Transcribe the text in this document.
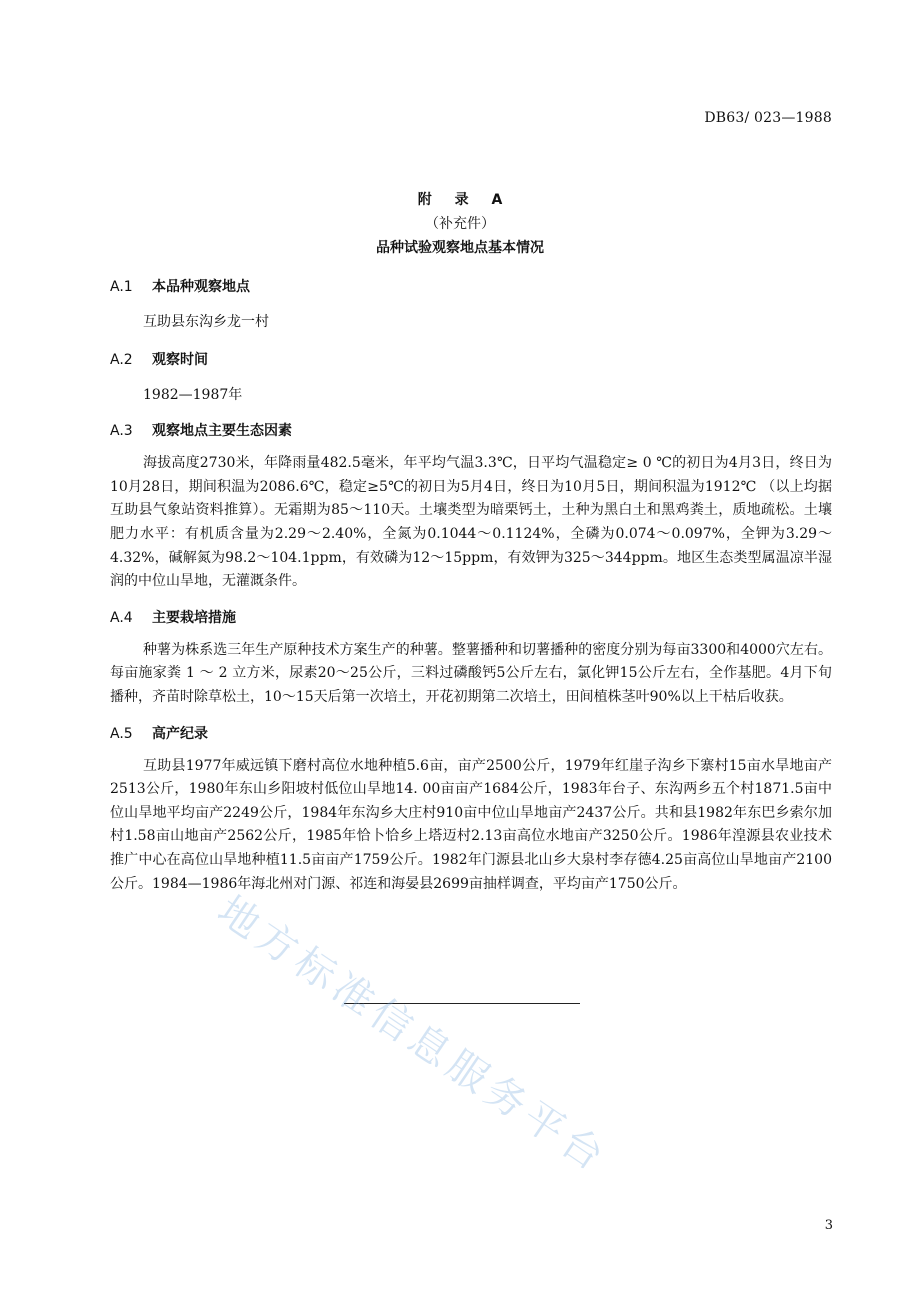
DB63/ 023—1988
附 录 A
（补充件）
品种试验观察地点基本情况
A.1 本品种观察地点

互助县东沟乡龙一村

A.2 观察时间

1982—1987年

A.3 观察地点主要生态因素

海拔高度2730米，年降雨量482.5毫米，年平均气温3.3℃，日平均气温稳定≥ 0 ℃的初日为4月3日，终日为10月28日，期间积温为2086.6℃，稳定≥5℃的初日为5月4日，终日为10月5日，期间积温为1912℃ （以上均据互助县气象站资料推算）。无霜期为85～110天。土壤类型为暗栗钙土，土种为黑白土和黑鸡粪土，质地疏松。土壤肥力水平：有机质含量为2.29～2.40%，全氮为0.1044～0.1124%，全磷为0.074～0.097%，全钾为3.29～4.32%，碱解氮为98.2～104.1ppm，有效磷为12～15ppm，有效钾为325～344ppm。地区生态类型属温凉半湿润的中位山旱地，无灌溉条件。

A.4 主要栽培措施

种薯为株系选三年生产原种技术方案生产的种薯。整薯播种和切薯播种的密度分别为每亩3300和4000穴左右。每亩施家粪 1 ～ 2 立方米，尿素20～25公斤，三料过磷酸钙5公斤左右，氯化钾15公斤左右，全作基肥。4月下旬播种，齐苗时除草松土，10～15天后第一次培土，开花初期第二次培土，田间植株茎叶90%以上干枯后收获。

A.5 高产纪录

互助县1977年威远镇下磨村高位水地种植5.6亩，亩产2500公斤，1979年红崖子沟乡下寨村15亩水旱地亩产2513公斤，1980年东山乡阳坡村低位山旱地14. 00亩亩产1684公斤，1983年台子、东沟两乡五个村1871.5亩中位山旱地平均亩产2249公斤，1984年东沟乡大庄村910亩中位山旱地亩产2437公斤。共和县1982年东巴乡索尔加村1.58亩山地亩产2562公斤，1985年恰卜恰乡上塔迈村2.13亩高位水地亩产3250公斤。1986年湟源县农业技术推广中心在高位山旱地种植11.5亩亩产1759公斤。1982年门源县北山乡大泉村李存德4.25亩高位山旱地亩产2100公斤。1984—1986年海北州对门源、祁连和海晏县2699亩抽样调查，平均亩产1750公斤。

地方标准信息服务平台
3
